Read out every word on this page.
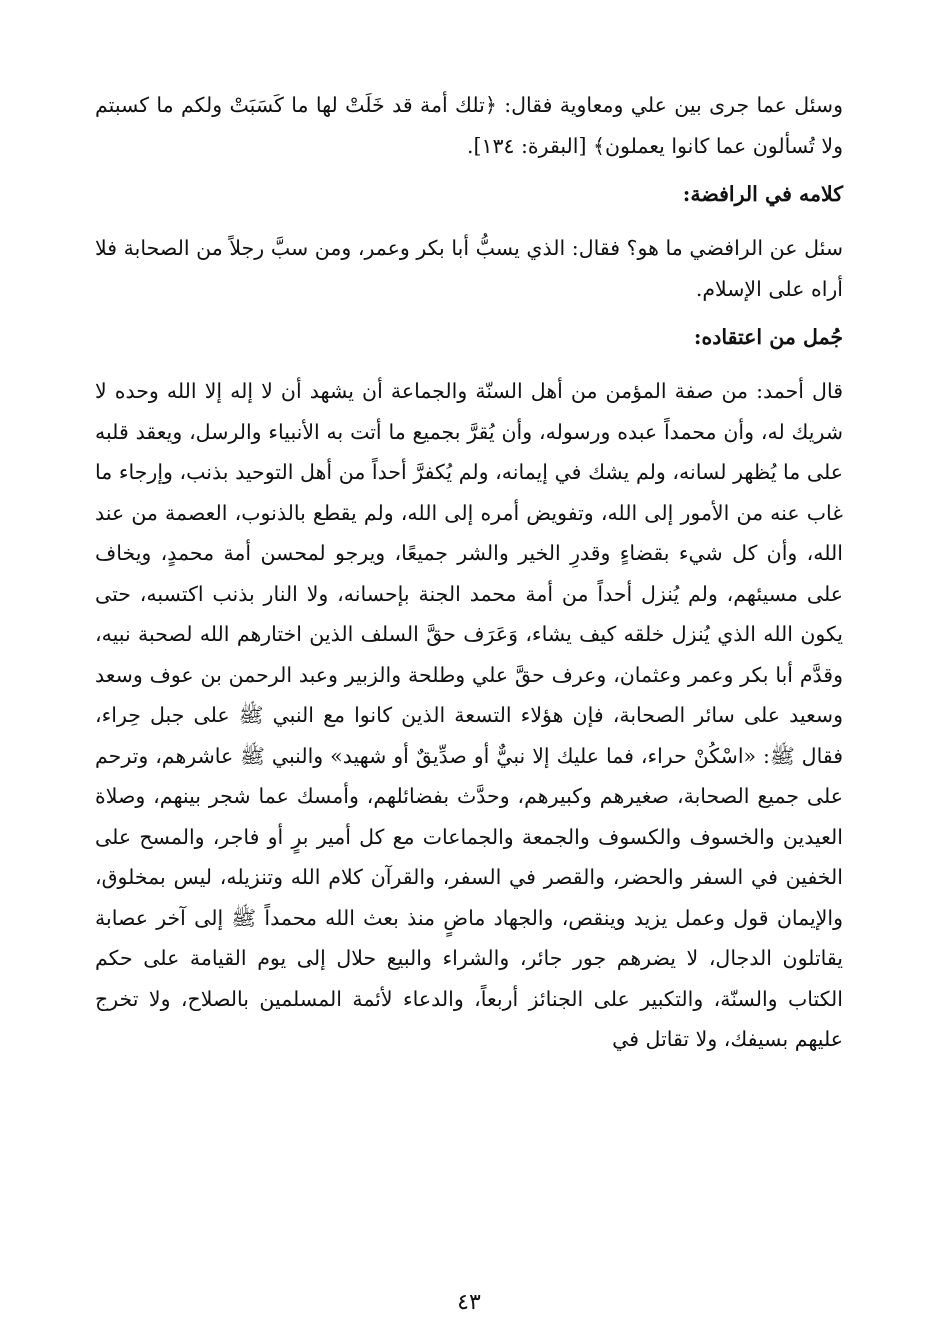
وسئل عما جرى بين علي ومعاوية فقال: ﴿تلك أمة قد خَلَتْ لها ما كَسَبَتْ ولكم ما كسبتم ولا تُسألون عما كانوا يعملون﴾ [البقرة: ١٣٤].

كلامه في الرافضة:

سئل عن الرافضي ما هو؟ فقال: الذي يسبُّ أبا بكر وعمر، ومن سبَّ رجلاً من الصحابة فلا أراه على الإسلام.

جُمل من اعتقاده:

قال أحمد: من صفة المؤمن من أهل السنّة والجماعة أن يشهد أن لا إله إلا الله وحده لا شريك له، وأن محمداً عبده ورسوله، وأن يُقرَّ بجميع ما أتت به الأنبياء والرسل، ويعقد قلبه على ما يُظهر لسانه، ولم يشك في إيمانه، ولم يُكفرَّ أحداً من أهل التوحيد بذنب، وإرجاء ما غاب عنه من الأمور إلى الله، وتفويض أمره إلى الله، ولم يقطع بالذنوب، العصمة من عند الله، وأن كل شيء بقضاءٍ وقدرِ الخير والشر جميعًا، ويرجو لمحسن أمة محمدٍ، ويخاف على مسيئهم، ولم يُنزل أحداً من أمة محمد الجنة بإحسانه، ولا النار بذنب اكتسبه، حتى يكون الله الذي يُنزل خلقه كيف يشاء، وَعَرَف حقَّ السلف الذين اختارهم الله لصحبة نبيه، وقدَّم أبا بكر وعمر وعثمان، وعرف حقَّ علي وطلحة والزبير وعبد الرحمن بن عوف وسعد وسعيد على سائر الصحابة، فإن هؤلاء التسعة الذين كانوا مع النبي ﷺ على جبل حِراء، فقال ﷺ: «اسْكُنْ حراء، فما عليك إلا نبيٌّ أو صدِّيقٌ أو شهيد» والنبي ﷺ عاشرهم، وترحم على جميع الصحابة، صغيرهم وكبيرهم، وحدَّث بفضائلهم، وأمسك عما شجر بينهم، وصلاة العيدين والخسوف والكسوف والجمعة والجماعات مع كل أمير برٍ أو فاجر، والمسح على الخفين في السفر والحضر، والقصر في السفر، والقرآن كلام الله وتنزيله، ليس بمخلوق، والإيمان قول وعمل يزيد وينقص، والجهاد ماضٍ منذ بعث الله محمداً ﷺ إلى آخر عصابة يقاتلون الدجال، لا يضرهم جور جائر، والشراء والبيع حلال إلى يوم القيامة على حكم الكتاب والسنّة، والتكبير على الجنائز أربعاً، والدعاء لأئمة المسلمين بالصلاح، ولا تخرج عليهم بسيفك، ولا تقاتل في

٤٣
